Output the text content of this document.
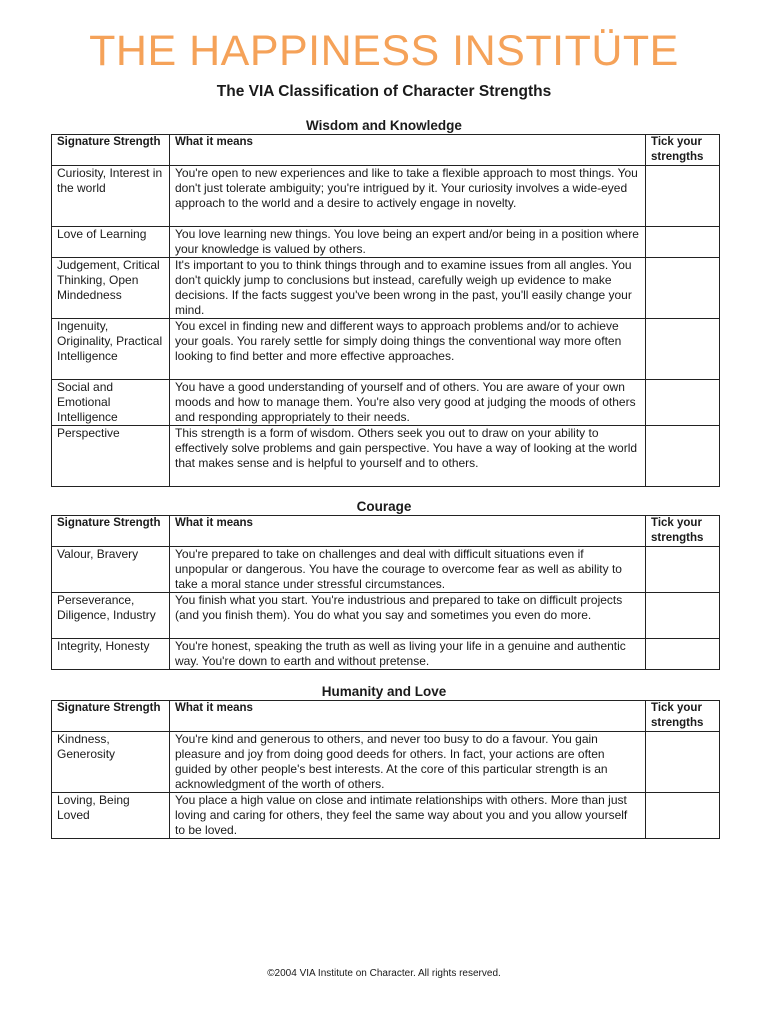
THE HAPPINESS INSTITÜTE
The VIA Classification of Character Strengths
Wisdom and Knowledge
Signature Strength	What it means	Tick your strengths
Curiosity, Interest in the world	You're open to new experiences and like to take a flexible approach to most things. You don't just tolerate ambiguity; you're intrigued by it. Your curiosity involves a wide-eyed approach to the world and a desire to actively engage in novelty.	
Love of Learning	You love learning new things. You love being an expert and/or being in a position where your knowledge is valued by others.	
Judgement, Critical Thinking, Open Mindedness	It's important to you to think things through and to examine issues from all angles. You don't quickly jump to conclusions but instead, carefully weigh up evidence to make decisions. If the facts suggest you've been wrong in the past, you'll easily change your mind.	
Ingenuity, Originality, Practical Intelligence	You excel in finding new and different ways to approach problems and/or to achieve your goals. You rarely settle for simply doing things the conventional way more often looking to find better and more effective approaches.	
Social and Emotional Intelligence	You have a good understanding of yourself and of others. You are aware of your own moods and how to manage them. You're also very good at judging the moods of others and responding appropriately to their needs.	
Perspective	This strength is a form of wisdom. Others seek you out to draw on your ability to effectively solve problems and gain perspective. You have a way of looking at the world that makes sense and is helpful to yourself and to others.	
Courage
Signature Strength	What it means	Tick your strengths
Valour, Bravery	You're prepared to take on challenges and deal with difficult situations even if unpopular or dangerous. You have the courage to overcome fear as well as ability to take a moral stance under stressful circumstances.	
Perseverance, Diligence, Industry	You finish what you start. You're industrious and prepared to take on difficult projects (and you finish them). You do what you say and sometimes you even do more.	
Integrity, Honesty	You're honest, speaking the truth as well as living your life in a genuine and authentic way. You're down to earth and without pretense.	
Humanity and Love
Signature Strength	What it means	Tick your strengths
Kindness, Generosity	You're kind and generous to others, and never too busy to do a favour. You gain pleasure and joy from doing good deeds for others. In fact, your actions are often guided by other people's best interests. At the core of this particular strength is an acknowledgment of the worth of others.	
Loving, Being Loved	You place a high value on close and intimate relationships with others. More than just loving and caring for others, they feel the same way about you and you allow yourself to be loved.	
©2004 VIA Institute on Character. All rights reserved.
